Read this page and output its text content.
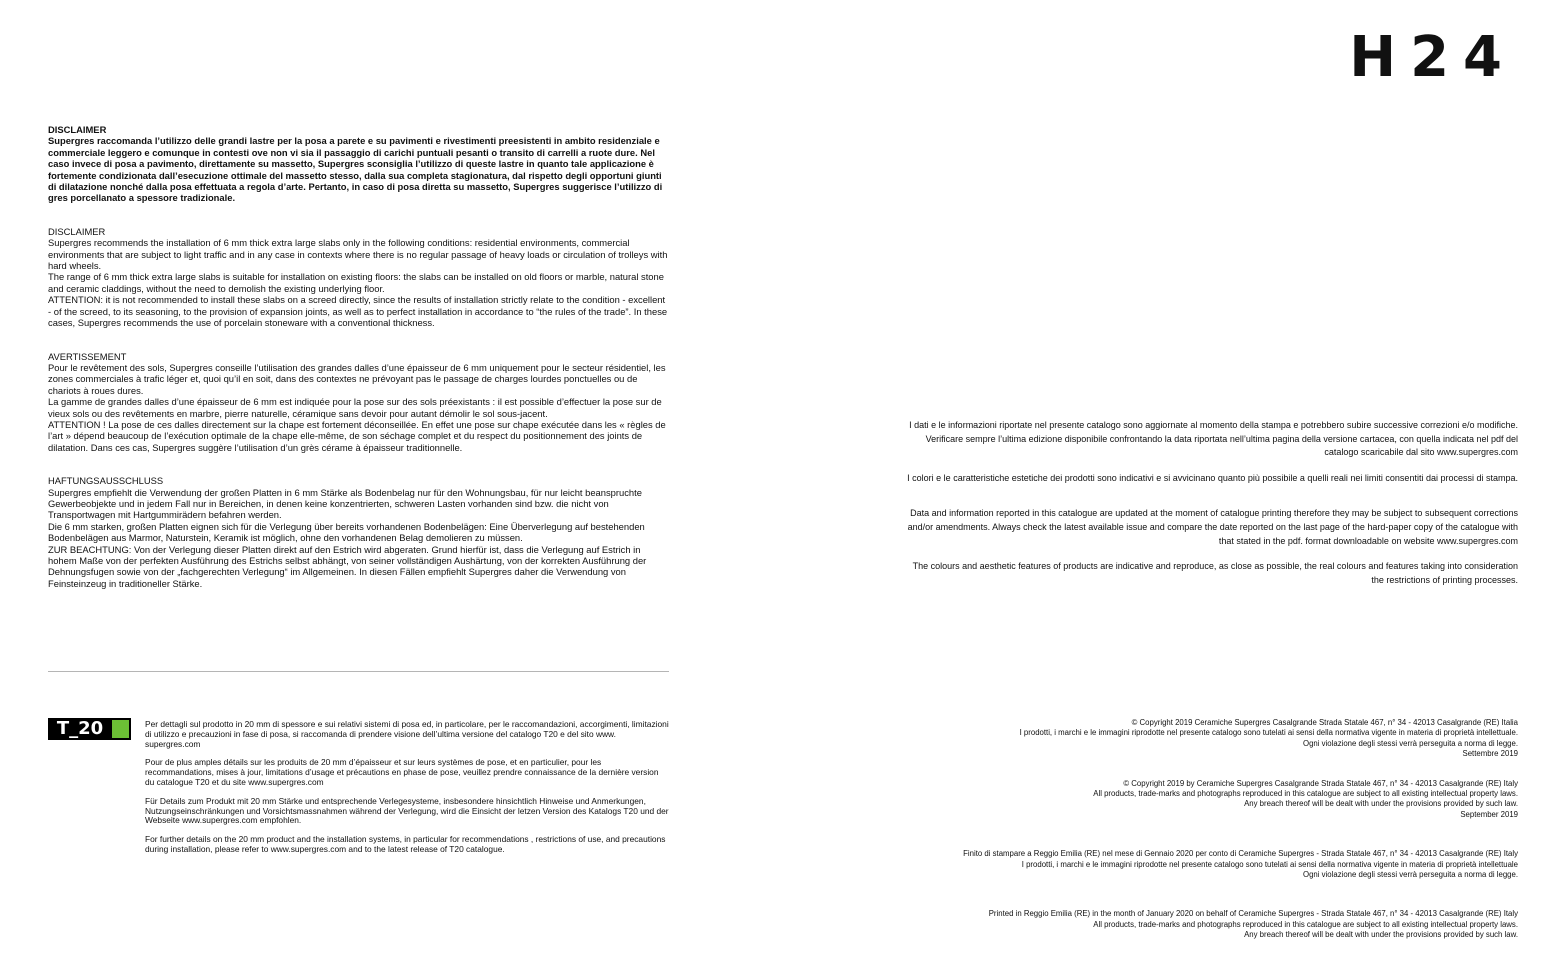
H24
DISCLAIMER

Supergres raccomanda l’utilizzo delle grandi lastre per la posa a parete e su pavimenti e rivestimenti preesistenti in ambito residenziale e commerciale leggero e comunque in contesti ove non vi sia il passaggio di carichi puntuali pesanti o transito di carrelli a ruote dure. Nel caso invece di posa a pavimento, direttamente su massetto, Supergres sconsiglia l’utilizzo di queste lastre in quanto tale applicazione è fortemente condizionata dall’esecuzione ottimale del massetto stesso, dalla sua completa stagionatura, dal rispetto degli opportuni giunti di dilatazione nonché dalla posa effettuata a regola d’arte. Pertanto, in caso di posa diretta su massetto, Supergres suggerisce l’utilizzo di gres porcellanato a spessore tradizionale.

DISCLAIMER

Supergres recommends the installation of 6 mm thick extra large slabs only in the following conditions: residential environments, commercial environments that are subject to light traffic and in any case in contexts where there is no regular passage of heavy loads or circulation of trolleys with hard wheels.

The range of 6 mm thick extra large slabs is suitable for installation on existing floors: the slabs can be installed on old floors or marble, natural stone and ceramic claddings, without the need to demolish the existing underlying floor.

ATTENTION: it is not recommended to install these slabs on a screed directly, since the results of installation strictly relate to the condition - excellent - of the screed, to its seasoning, to the provision of expansion joints, as well as to perfect installation in accordance to “the rules of the trade”. In these cases, Supergres recommends the use of porcelain stoneware with a conventional thickness.

AVERTISSEMENT

Pour le revêtement des sols, Supergres conseille l’utilisation des grandes dalles d’une épaisseur de 6 mm uniquement pour le secteur résidentiel, les zones commerciales à trafic léger et, quoi qu’il en soit, dans des contextes ne prévoyant pas le passage de charges lourdes ponctuelles ou de chariots à roues dures.

La gamme de grandes dalles d’une épaisseur de 6 mm est indiquée pour la pose sur des sols préexistants : il est possible d’effectuer la pose sur de vieux sols ou des revêtements en marbre, pierre naturelle, céramique sans devoir pour autant démolir le sol sous-jacent.

ATTENTION ! La pose de ces dalles directement sur la chape est fortement déconseillée. En effet une pose sur chape exécutée dans les « règles de l’art » dépend beaucoup de l’exécution optimale de la chape elle-même, de son séchage complet et du respect du positionnement des joints de dilatation. Dans ces cas, Supergres suggère l’utilisation d’un grès cérame à épaisseur traditionnelle.

HAFTUNGSAUSSCHLUSS

Supergres empfiehlt die Verwendung der großen Platten in 6 mm Stärke als Bodenbelag nur für den Wohnungsbau, für nur leicht beanspruchte Gewerbeobjekte und in jedem Fall nur in Bereichen, in denen keine konzentrierten, schweren Lasten vorhanden sind bzw. die nicht von Transportwagen mit Hartgummirädern befahren werden.

Die 6 mm starken, großen Platten eignen sich für die Verlegung über bereits vorhandenen Bodenbelägen: Eine Überverlegung auf bestehenden Bodenbelägen aus Marmor, Naturstein, Keramik ist möglich, ohne den vorhandenen Belag demolieren zu müssen.

ZUR BEACHTUNG: Von der Verlegung dieser Platten direkt auf den Estrich wird abgeraten. Grund hierfür ist, dass die Verlegung auf Estrich in hohem Maße von der perfekten Ausführung des Estrichs selbst abhängt, von seiner vollständigen Aushärtung, von der korrekten Ausführung der Dehnungsfugen sowie von der „fachgerechten Verlegung“ im Allgemeinen. In diesen Fällen empfiehlt Supergres daher die Verwendung von Feinsteinzeug in traditioneller Stärke.

T_20	Per dettagli sul prodotto in 20 mm di spessore e sui relativi sistemi di posa ed, in particolare, per le raccomandazioni, accorgimenti, limitazioni di utilizzo e precauzioni in fase di posa, si raccomanda di prendere visione dell’ultima versione del catalogo T20 e del sito www. supergres.com

Pour de plus amples détails sur les produits de 20 mm d’épaisseur et sur leurs systèmes de pose, et en particulier, pour les recommandations, mises à jour, limitations d’usage et précautions en phase de pose, veuillez prendre connaissance de la dernière version du catalogue T20 et du site www.supergres.com

Für Details zum Produkt mit 20 mm Stärke und entsprechende Verlegesysteme, insbesondere hinsichtlich Hinweise und Anmerkungen, Nutzungseinschränkungen und Vorsichtsmassnahmen während der Verlegung, wird die Einsicht der letzen Version des Katalogs T20 und der Webseite www.supergres.com empfohlen.

For further details on the 20 mm product and the installation systems, in particular for recommendations , restrictions of use, and precautions during installation, please refer to www.supergres.com and to the latest release of T20 catalogue.

I dati e le informazioni riportate nel presente catalogo sono aggiornate al momento della stampa e potrebbero subire successive correzioni e/o modifiche. Verificare sempre l’ultima edizione disponibile confrontando la data riportata nell’ultima pagina della versione cartacea, con quella indicata nel pdf del catalogo scaricabile dal sito www.supergres.com

I colori e le caratteristiche estetiche dei prodotti sono indicativi e si avvicinano quanto più possibile a quelli reali nei limiti consentiti dai processi di stampa.

Data and information reported in this catalogue are updated at the moment of catalogue printing therefore they may be subject to subsequent corrections and/or amendments. Always check the latest available issue and compare the date reported on the last page of the hard-paper copy of the catalogue with that stated in the pdf. format downloadable on website www.supergres.com

The colours and aesthetic features of products are indicative and reproduce, as close as possible, the real colours and features taking into consideration the restrictions of printing processes.

© Copyright 2019 Ceramiche Supergres Casalgrande Strada Statale 467, n° 34 - 42013 Casalgrande (RE) Italia
I prodotti, i marchi e le immagini riprodotte nel presente catalogo sono tutelati ai sensi della normativa vigente in materia di proprietà intellettuale.
Ogni violazione degli stessi verrà perseguita a norma di legge.
Settembre 2019

© Copyright 2019 by Ceramiche Supergres Casalgrande Strada Statale 467, n° 34 - 42013 Casalgrande (RE) Italy
All products, trade-marks and photographs reproduced in this catalogue are subject to all existing intellectual property laws.
Any breach thereof will be dealt with under the provisions provided by such law.
September 2019

Finito di stampare a Reggio Emilia (RE) nel mese di Gennaio 2020 per conto di Ceramiche Supergres - Strada Statale 467, n° 34 - 42013 Casalgrande (RE) Italy
I prodotti, i marchi e le immagini riprodotte nel presente catalogo sono tutelati ai sensi della normativa vigente in materia di proprietà intellettuale
Ogni violazione degli stessi verrà perseguita a norma di legge.

Printed in Reggio Emilia (RE) in the month of January 2020 on behalf of Ceramiche Supergres - Strada Statale 467, n° 34 - 42013 Casalgrande (RE) Italy
All products, trade-marks and photographs reproduced in this catalogue are subject to all existing intellectual property laws.
Any breach thereof will be dealt with under the provisions provided by such law.
